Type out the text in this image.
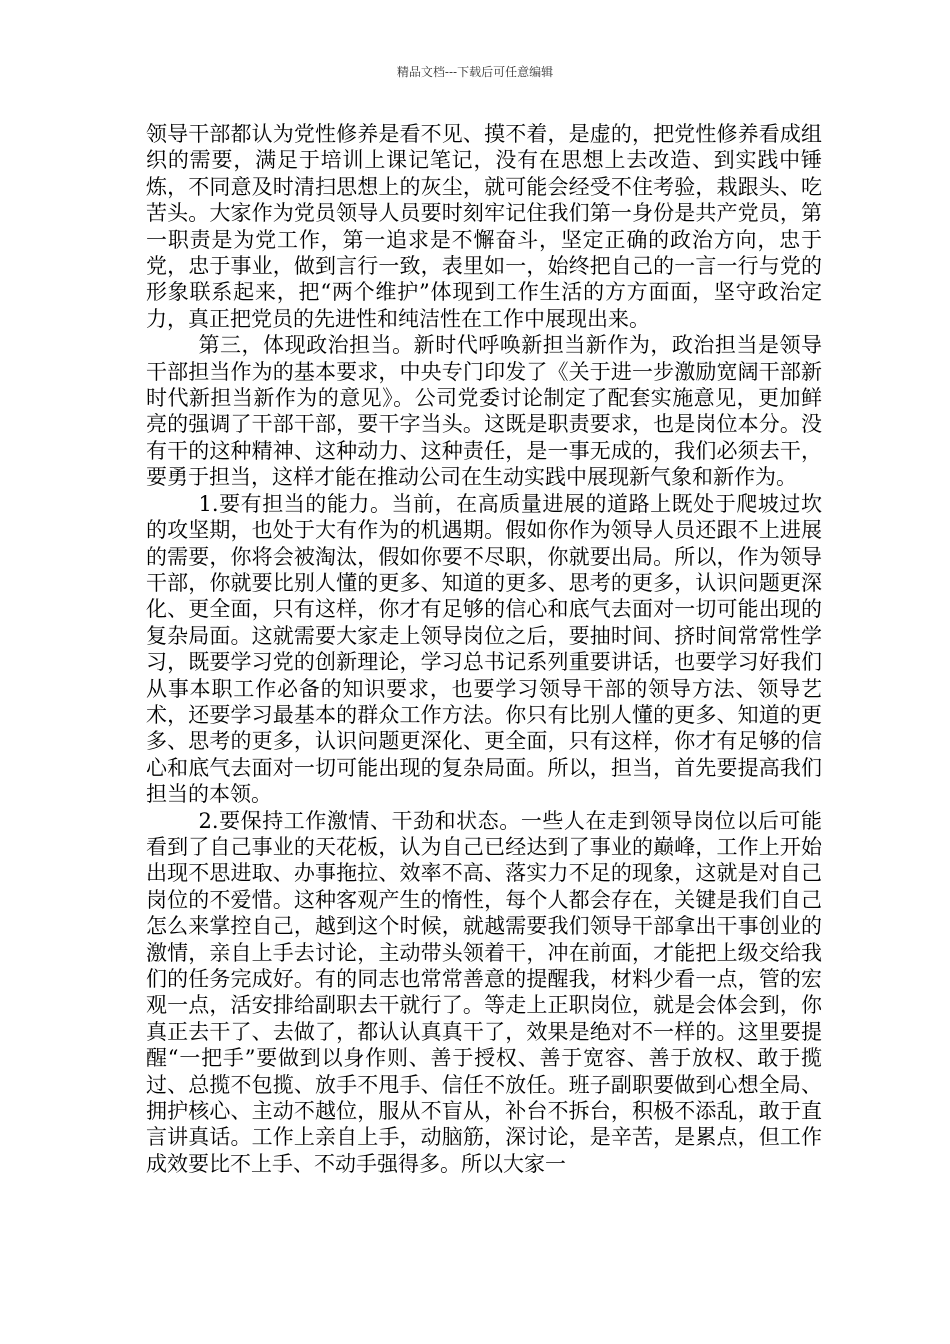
精品文档---下载后可任意编辑

领导干部都认为党性修养是看不见、摸不着，是虚的，把党性修养看成组织的需要，满足于培训上课记笔记，没有在思想上去改造、到实践中锤炼，不同意及时清扫思想上的灰尘，就可能会经受不住考验，栽跟头、吃苦头。大家作为党员领导人员要时刻牢记住我们第一身份是共产党员，第一职责是为党工作，第一追求是不懈奋斗，坚定正确的政治方向，忠于党，忠于事业，做到言行一致，表里如一，始终把自己的一言一行与党的形象联系起来，把“两个维护”体现到工作生活的方方面面，坚守政治定力，真正把党员的先进性和纯洁性在工作中展现出来。

第三，体现政治担当。新时代呼唤新担当新作为，政治担当是领导干部担当作为的基本要求，中央专门印发了《关于进一步激励宽阔干部新时代新担当新作为的意见》。公司党委讨论制定了配套实施意见，更加鲜亮的强调了干部干部，要干字当头。这既是职责要求，也是岗位本分。没有干的这种精神、这种动力、这种责任，是一事无成的，我们必须去干，要勇于担当，这样才能在推动公司在生动实践中展现新气象和新作为。

1.要有担当的能力。当前，在高质量进展的道路上既处于爬坡过坎的攻坚期，也处于大有作为的机遇期。假如你作为领导人员还跟不上进展的需要，你将会被淘汰，假如你要不尽职，你就要出局。所以，作为领导干部，你就要比别人懂的更多、知道的更多、思考的更多，认识问题更深化、更全面，只有这样，你才有足够的信心和底气去面对一切可能出现的复杂局面。这就需要大家走上领导岗位之后，要抽时间、挤时间常常性学习，既要学习党的创新理论，学习总书记系列重要讲话，也要学习好我们从事本职工作必备的知识要求，也要学习领导干部的领导方法、领导艺术，还要学习最基本的群众工作方法。你只有比别人懂的更多、知道的更多、思考的更多，认识问题更深化、更全面，只有这样，你才有足够的信心和底气去面对一切可能出现的复杂局面。所以，担当，首先要提高我们担当的本领。

2.要保持工作激情、干劲和状态。一些人在走到领导岗位以后可能看到了自己事业的天花板，认为自己已经达到了事业的巅峰，工作上开始出现不思进取、办事拖拉、效率不高、落实力不足的现象，这就是对自己岗位的不爱惜。这种客观产生的惰性，每个人都会存在，关键是我们自己怎么来掌控自己，越到这个时候，就越需要我们领导干部拿出干事创业的激情，亲自上手去讨论，主动带头领着干，冲在前面，才能把上级交给我们的任务完成好。有的同志也常常善意的提醒我，材料少看一点，管的宏观一点，活安排给副职去干就行了。等走上正职岗位，就是会体会到，你真正去干了、去做了，都认认真真干了，效果是绝对不一样的。这里要提醒“一把手”要做到以身作则、善于授权、善于宽容、善于放权、敢于揽过、总揽不包揽、放手不甩手、信任不放任。班子副职要做到心想全局、拥护核心、主动不越位，服从不盲从，补台不拆台，积极不添乱，敢于直言讲真话。工作上亲自上手，动脑筋，深讨论，是辛苦，是累点，但工作成效要比不上手、不动手强得多。所以大家一
